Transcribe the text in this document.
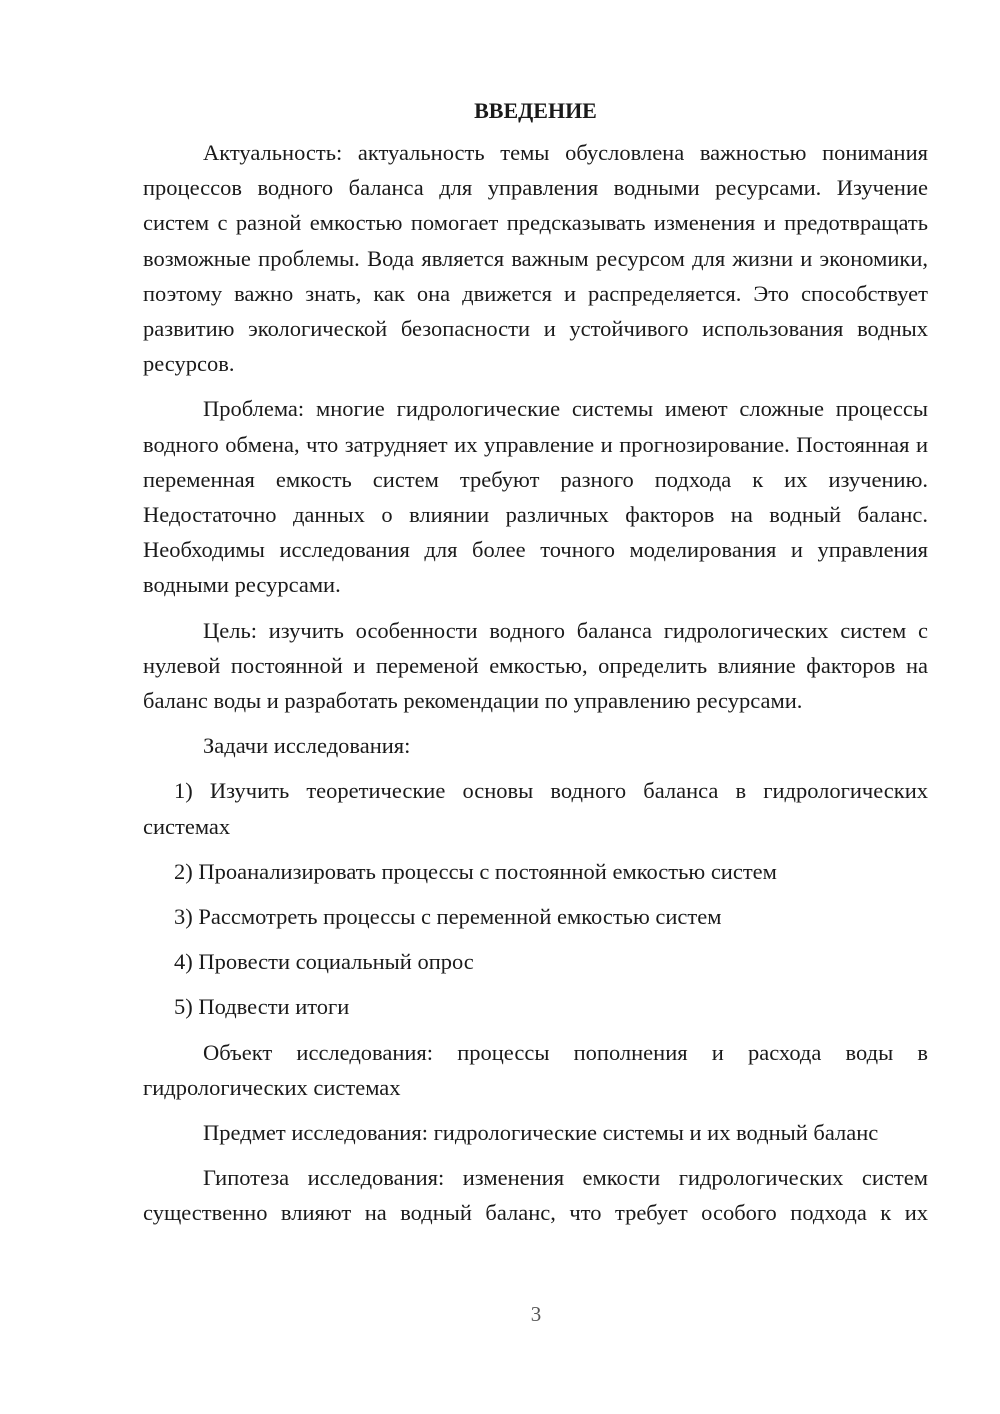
ВВЕДЕНИЕ

Актуальность: актуальность темы обусловлена важностью понимания процессов водного баланса для управления водными ресурсами. Изучение систем с разной емкостью помогает предсказывать изменения и предотвращать возможные проблемы. Вода является важным ресурсом для жизни и экономики, поэтому важно знать, как она движется и распределяется. Это способствует развитию экологической безопасности и устойчивого использования водных ресурсов.

Проблема: многие гидрологические системы имеют сложные процессы водного обмена, что затрудняет их управление и прогнозирование. Постоянная и переменная емкость систем требуют разного подхода к их изучению. Недостаточно данных о влиянии различных факторов на водный баланс. Необходимы исследования для более точного моделирования и управления водными ресурсами.

Цель: изучить особенности водного баланса гидрологических систем с нулевой постоянной и переменой емкостью, определить влияние факторов на баланс воды и разработать рекомендации по управлению ресурсами.

Задачи исследования:

1) Изучить теоретические основы водного баланса в гидрологических системах

2) Проанализировать процессы с постоянной емкостью систем

3) Рассмотреть процессы с переменной емкостью систем

4) Провести социальный опрос

5) Подвести итоги

Объект исследования: процессы пополнения и расхода воды в гидрологических системах

Предмет исследования: гидрологические системы и их водный баланс

Гипотеза исследования: изменения емкости гидрологических систем существенно влияют на водный баланс, что требует особого подхода к их

3
